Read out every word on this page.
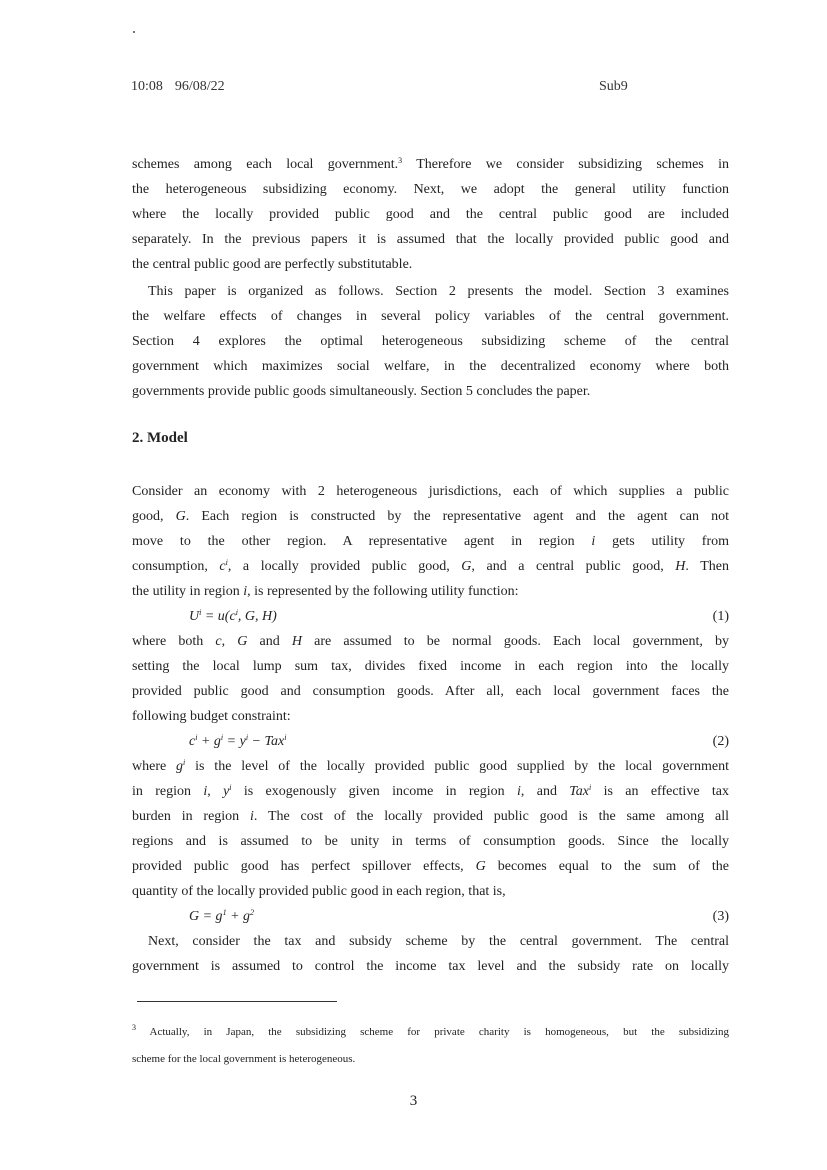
10:08 96/08/22	Sub9
schemes among each local government.$^3$ Therefore we consider subsidizing schemes in
the heterogeneous subsidizing economy. Next, we adopt the general utility function
where the locally provided public good and the central public good are included
separately. In the previous papers it is assumed that the locally provided public good and
the central public good are perfectly substitutable.
This paper is organized as follows. Section 2 presents the model. Section 3 examines
the welfare effects of changes in several policy variables of the central government.
Section 4 explores the optimal heterogeneous subsidizing scheme of the central
government which maximizes social welfare, in the decentralized economy where both
governments provide public goods simultaneously. Section 5 concludes the paper.
2. Model
Consider an economy with 2 heterogeneous jurisdictions, each of which supplies a public
good, G. Each region is constructed by the representative agent and the agent can not
move to the other region. A representative agent in region i gets utility from
consumption, $c^i$, a locally provided public good, G, and a central public good, H. Then
the utility in region i, is represented by the following utility function:
$U^i = u(c^i$, G, H)	(1)
where both c, G and H are assumed to be normal goods. Each local government, by
setting the local lump sum tax, divides fixed income in each region into the locally
provided public good and consumption goods. After all, each local government faces the
following budget constraint:
$c^i + g^i = y^i - Tax^i$	(2)
where $g^i$ is the level of the locally provided public good supplied by the local government
in region i, $y^i$ is exogenously given income in region i, and Tax$^i$ is an effective tax
burden in region i. The cost of the locally provided public good is the same among all
regions and is assumed to be unity in terms of consumption goods. Since the locally
provided public good has perfect spillover effects, G becomes equal to the sum of the
quantity of the locally provided public good in each region, that is,
$G = g^1 + g^2$	(3)
Next, consider the tax and subsidy scheme by the central government. The central
government is assumed to control the income tax level and the subsidy rate on locally
$^3$ Actually, in Japan, the subsidizing scheme for private charity is homogeneous, but the subsidizing
scheme for the local government is heterogeneous.
3
